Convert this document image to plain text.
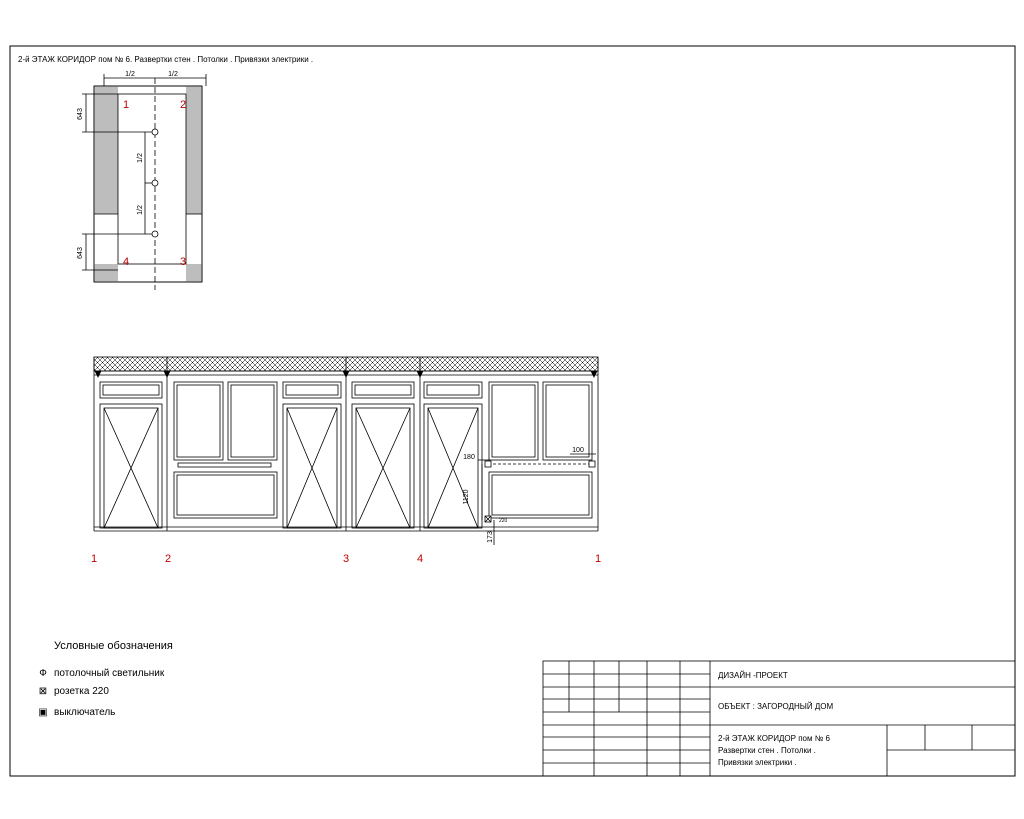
1/2	1/2
643
643
1/2
1/2
1	2
3
4
180
100
1120
173
220
1	2	3	4	1
2-й ЭТАЖ КОРИДОР пом № 6. Развертки стен . Потолки . Привязки электрики .
Условные обозначения
Ф потолочный светильник
⊠ розетка 220
▣ выключатель
ДИЗАЙН -ПРОЕКТ
ОБЪЕКТ : ЗАГОРОДНЫЙ ДОМ
2-й ЭТАЖ КОРИДОР пом № 6
Развертки стен . Потолки .
Привязки электрики .
